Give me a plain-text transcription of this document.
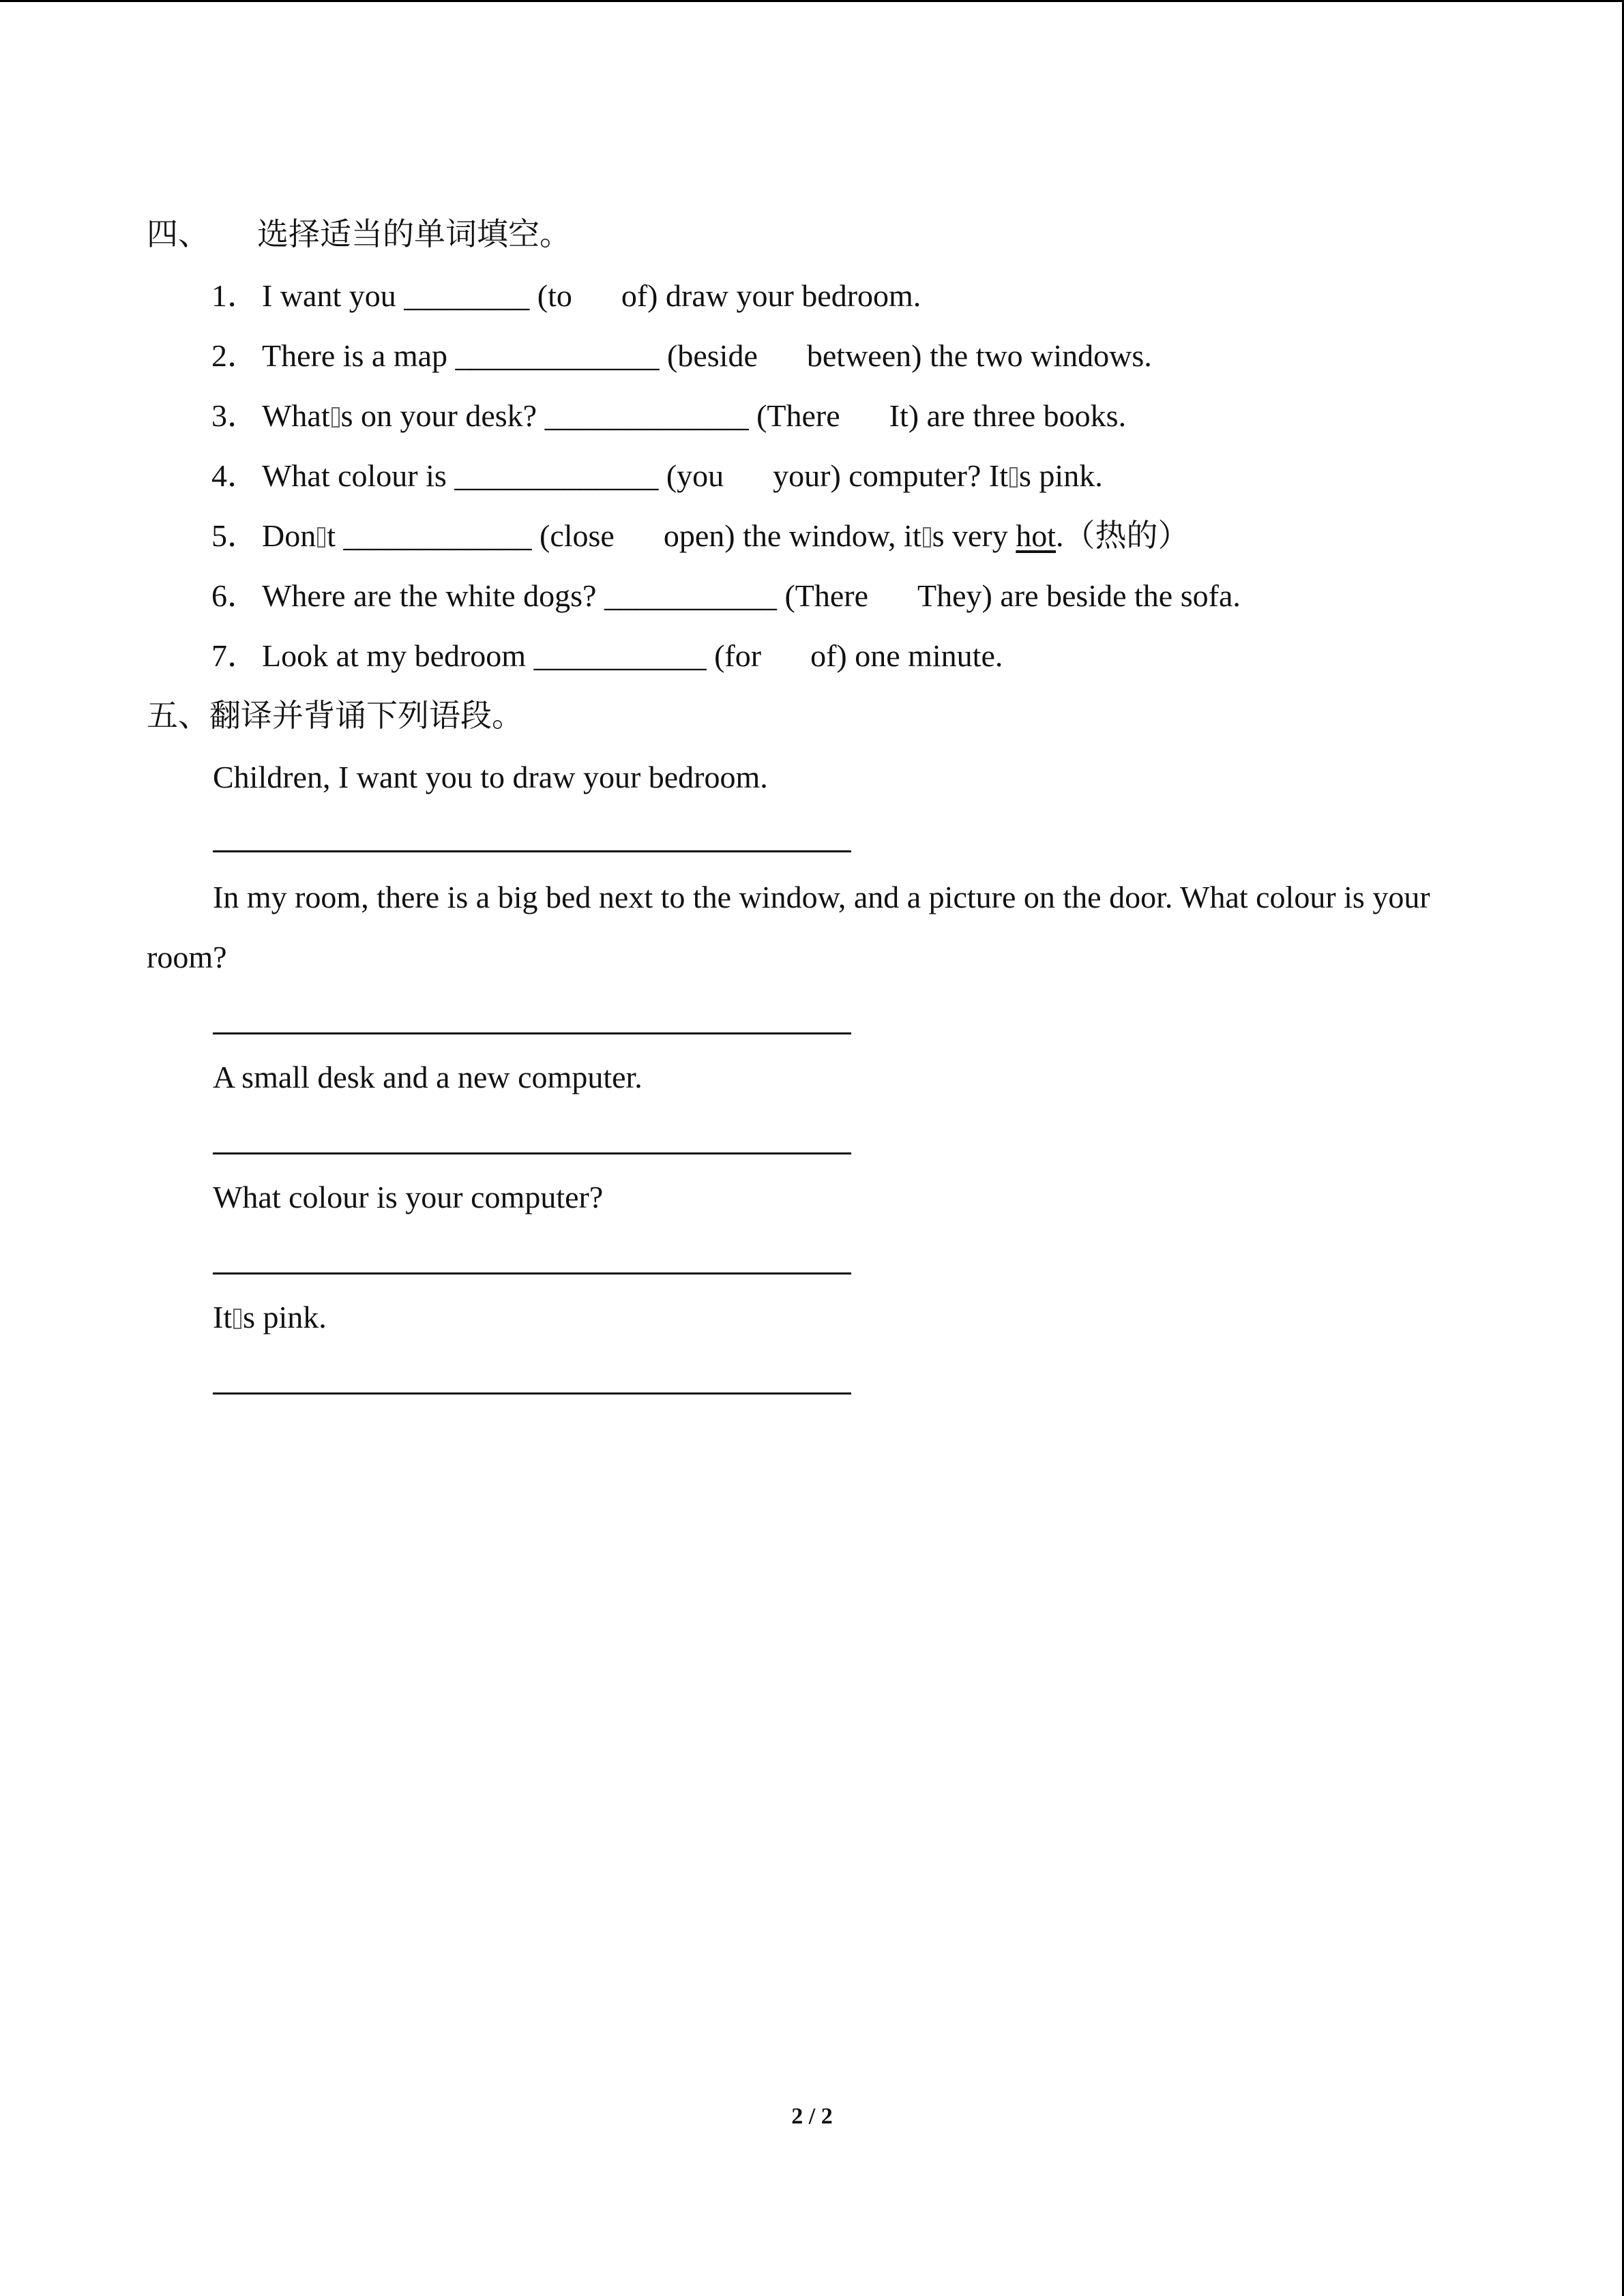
四、 选择适当的单词填空。
1． I want you ________ (to of) draw your bedroom.
2． There is a map _____________ (beside between) the two windows.
3． What s on your desk? _____________ (There It) are three books.
4． What colour is _____________ (you your) computer? It s pink.
5． Don t ____________ (close open) the window, it s very hot.（热的）
6． Where are the white dogs? ___________ (There They) are beside the sofa.
7． Look at my bedroom ___________ (for of) one minute.
五、翻译并背诵下列语段。
Children, I want you to draw your bedroom.
In my room, there is a big bed next to the window, and a picture on the door. What colour is your
room?
A small desk and a new computer.
What colour is your computer?
It s pink.
2 / 2
